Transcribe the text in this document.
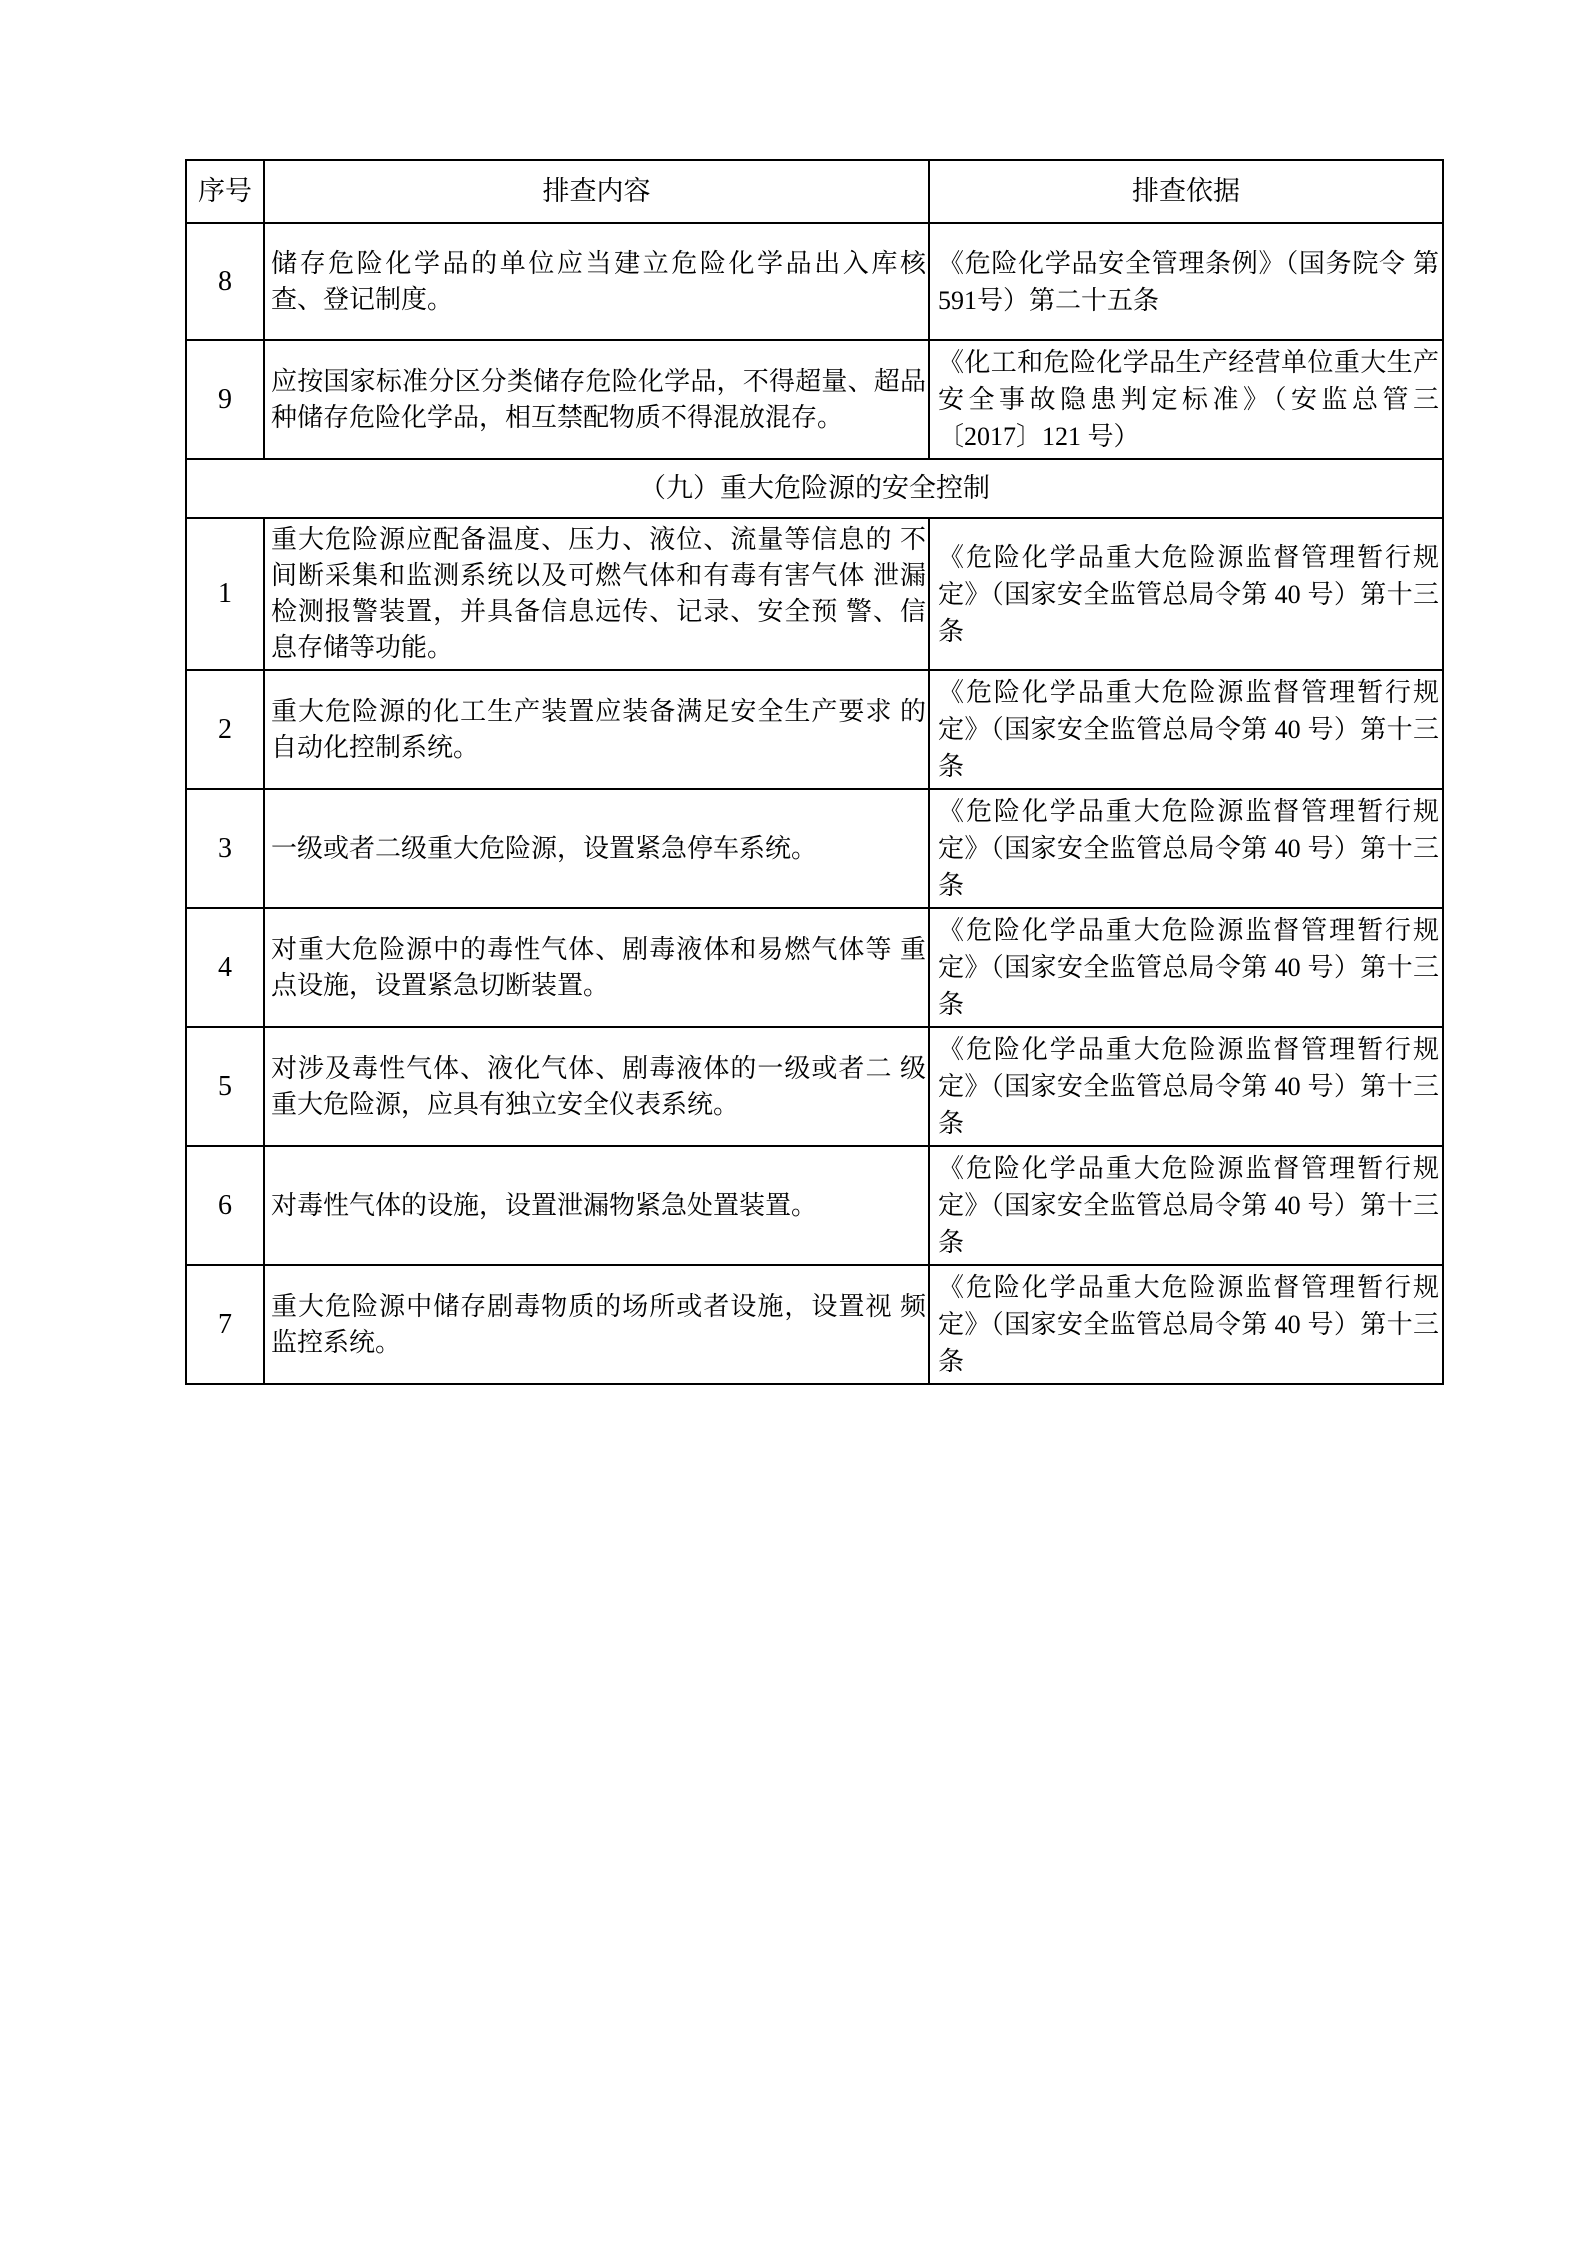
序号	排查内容	排查依据
8	储存危险化学品的单位应当建立危险化学品出入库核 查、登记制度。	《危险化学品安全管理条例》（国务院令 第591号）第二十五条
9	应按国家标准分区分类储存危险化学品，不得超量、超品种储存危险化学品，相互禁配物质不得混放混存。	《化工和危险化学品生产经营单位重大生产安全事故隐患判定标准》（安监总管三〔2017〕121 号）
（九）重大危险源的安全控制		
1	重大危险源应配备温度、压力、液位、流量等信息的 不间断采集和监测系统以及可燃气体和有毒有害气体 泄漏检测报警装置，并具备信息远传、记录、安全预 警、信息存储等功能。	《危险化学品重大危险源监督管理暂行规定》（国家安全监管总局令第 40 号）第十三条
2	重大危险源的化工生产装置应装备满足安全生产要求 的自动化控制系统。	《危险化学品重大危险源监督管理暂行规定》（国家安全监管总局令第 40 号）第十三条
3	一级或者二级重大危险源，设置紧急停车系统。	《危险化学品重大危险源监督管理暂行规定》（国家安全监管总局令第 40 号）第十三条
4	对重大危险源中的毒性气体、剧毒液体和易燃气体等 重点设施，设置紧急切断装置。	《危险化学品重大危险源监督管理暂行规定》（国家安全监管总局令第 40 号）第十三条
5	对涉及毒性气体、液化气体、剧毒液体的一级或者二 级重大危险源，应具有独立安全仪表系统。	《危险化学品重大危险源监督管理暂行规定》（国家安全监管总局令第 40 号）第十三条
6	对毒性气体的设施，设置泄漏物紧急处置装置。	《危险化学品重大危险源监督管理暂行规定》（国家安全监管总局令第 40 号）第十三条
7	重大危险源中储存剧毒物质的场所或者设施，设置视 频监控系统。	《危险化学品重大危险源监督管理暂行规定》（国家安全监管总局令第 40 号）第十三条
